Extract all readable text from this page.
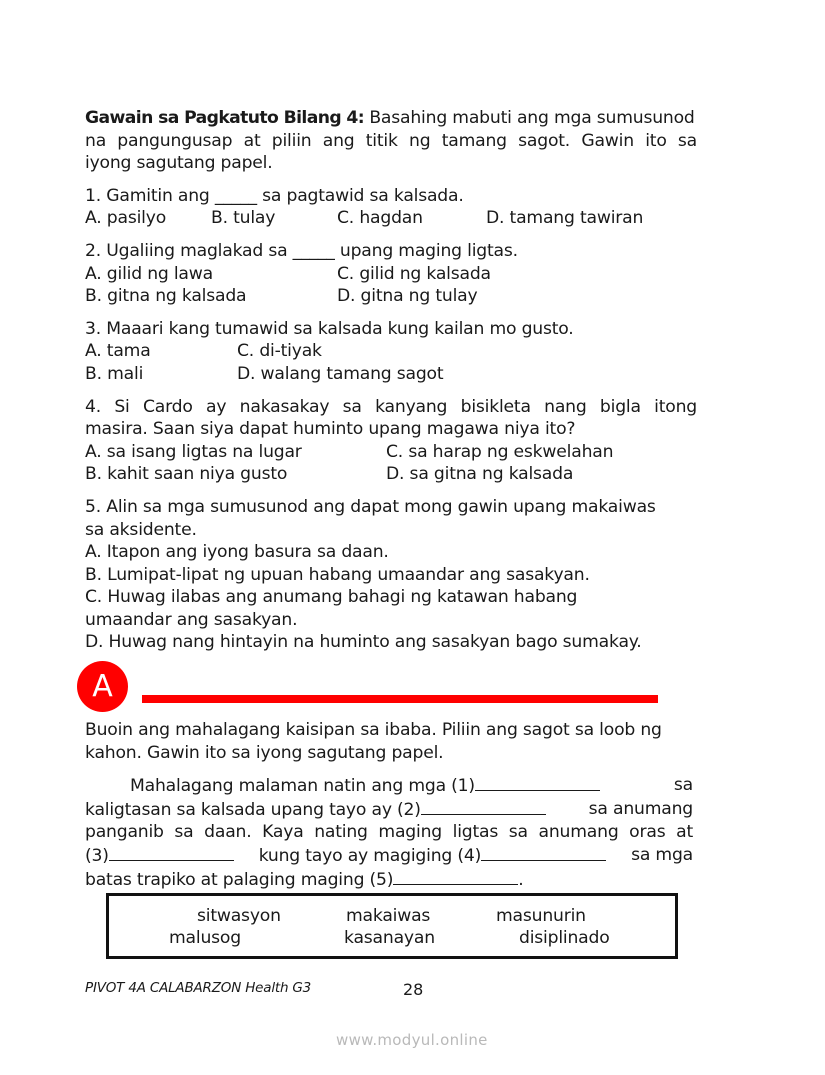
Gawain sa Pagkatuto Bilang 4: Basahing mabuti ang mga sumusunod

na pangungusap at piliin ang titik ng tamang sagot. Gawin ito sa

iyong sagutang papel.

1. Gamitin ang _____ sa pagtawid sa kalsada.

A. pasilyo	B. tulay	C. hagdan	D. tamang tawiran

2. Ugaliing maglakad sa _____ upang maging ligtas.

A. gilid ng lawa	C. gilid ng kalsada
B. gitna ng kalsada	D. gitna ng tulay

3. Maaari kang tumawid sa kalsada kung kailan mo gusto.

A. tama	C. di-tiyak
B. mali	D. walang tamang sagot

4. Si Cardo ay nakasakay sa kanyang bisikleta nang bigla itong

masira. Saan siya dapat huminto upang magawa niya ito?

A. sa isang ligtas na lugar	C. sa harap ng eskwelahan
B. kahit saan niya gusto	D. sa gitna ng kalsada

5. Alin sa mga sumusunod ang dapat mong gawin upang makaiwas

sa aksidente.

A. Itapon ang iyong basura sa daan.

B. Lumipat-lipat ng upuan habang umaandar ang sasakyan.

C. Huwag ilabas ang anumang bahagi ng katawan habang

umaandar ang sasakyan.

D. Huwag nang hintayin na huminto ang sasakyan bago sumakay.

A

Buoin ang mahalagang kaisipan sa ibaba. Piliin ang sagot sa loob ng

kahon. Gawin ito sa iyong sagutang papel.

Mahalagang malaman natin ang mga (1)	sa

kaligtasan sa kalsada upang tayo ay (2)	sa anumang

panganib sa daan. Kaya nating maging ligtas sa anumang oras at

(3)	kung tayo ay magiging (4)	sa mga

batas trapiko at palaging maging (5)	.

sitwasyon	makaiwas	masunurin
malusog	kasanayan	disiplinado
PIVOT 4A CALABARZON Health G3	28
www.modyul.online
